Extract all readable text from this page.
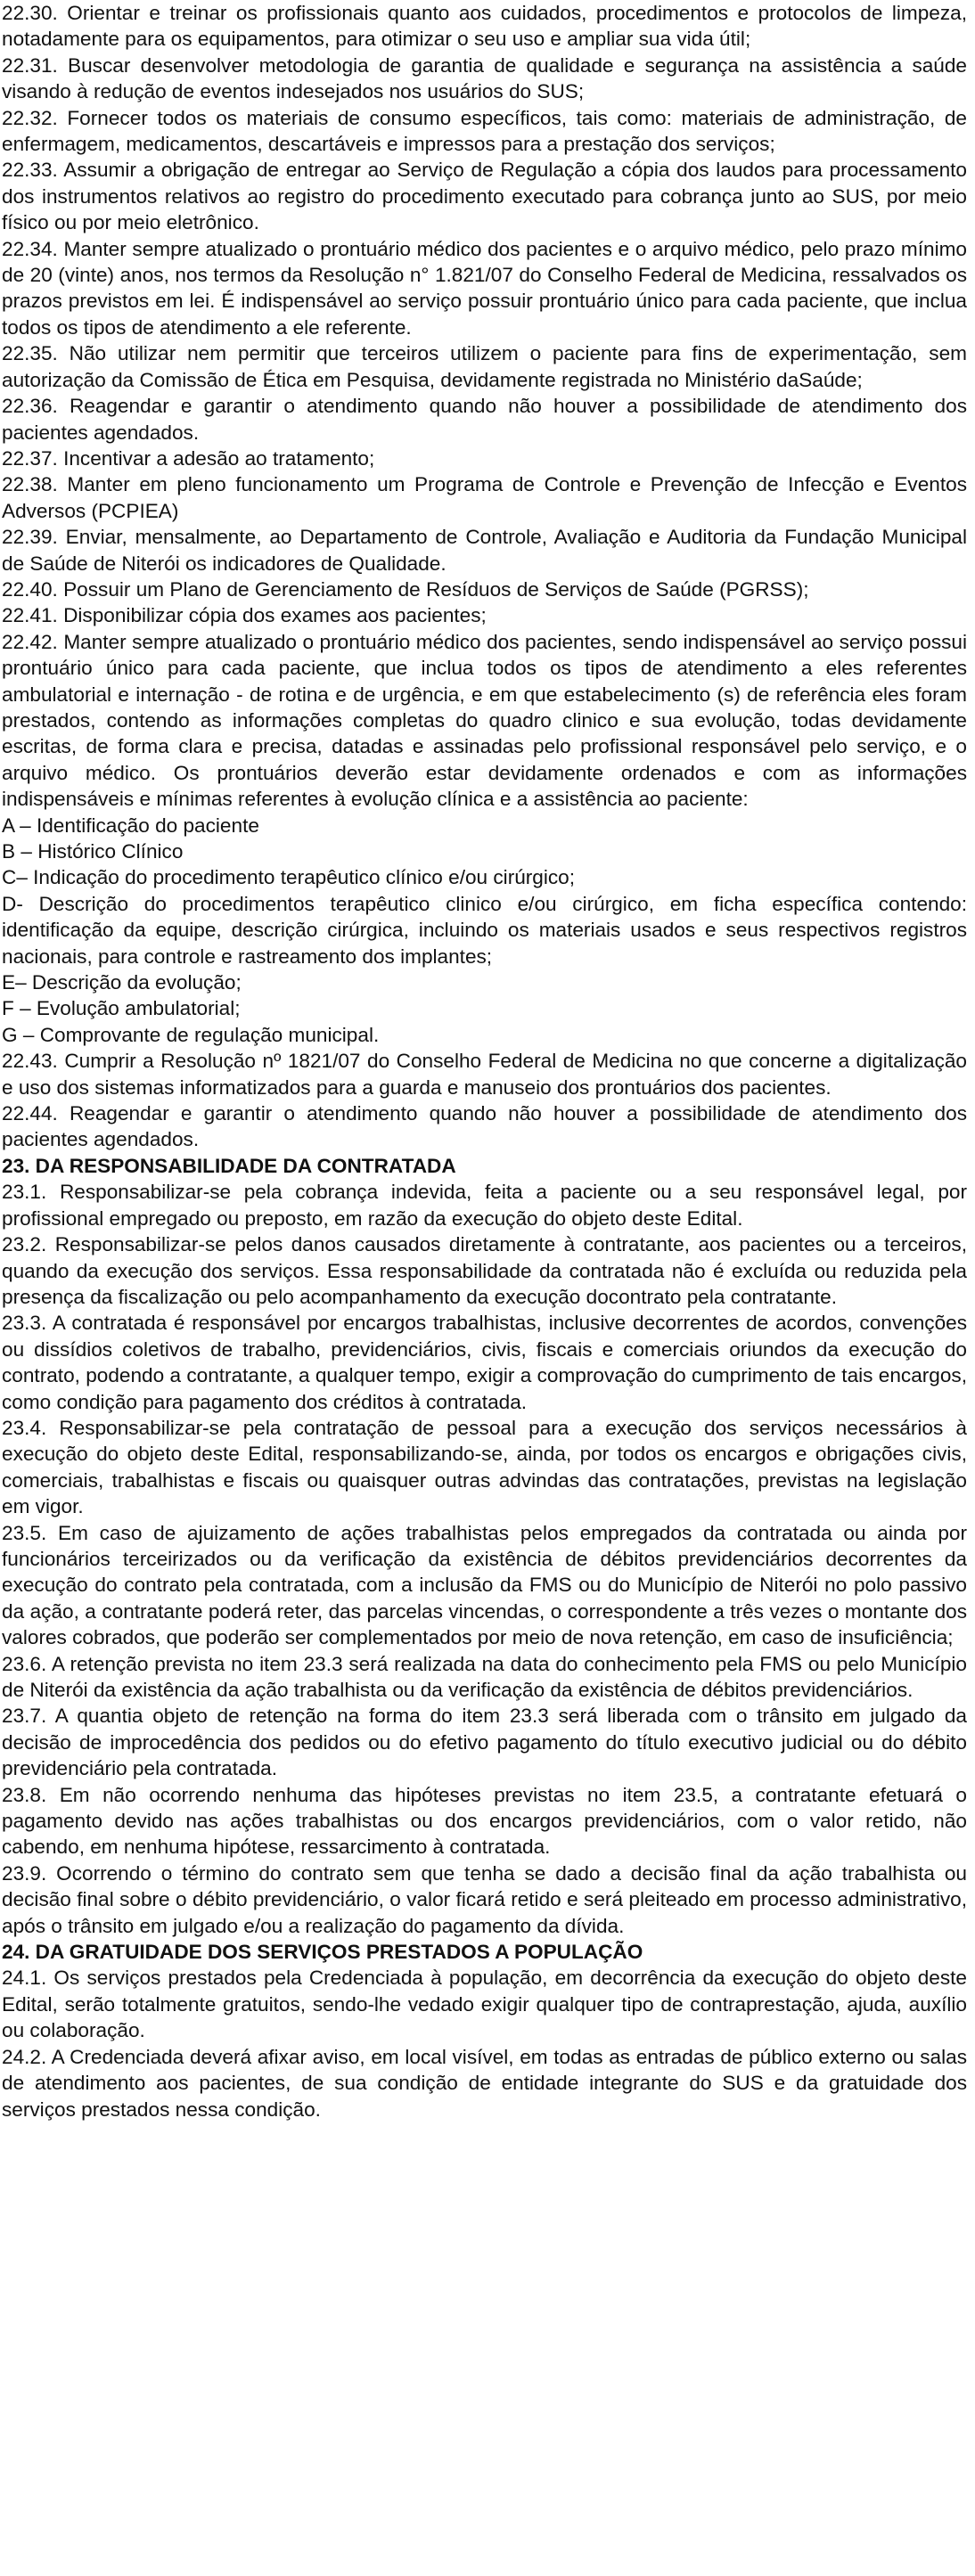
22.30. Orientar e treinar os profissionais quanto aos cuidados, procedimentos e protocolos de limpeza, notadamente para os equipamentos, para otimizar o seu uso e ampliar sua vida útil;

22.31. Buscar desenvolver metodologia de garantia de qualidade e segurança na assistência a saúde visando à redução de eventos indesejados nos usuários do SUS;

22.32. Fornecer todos os materiais de consumo específicos, tais como: materiais de administração, de enfermagem, medicamentos, descartáveis e impressos para a prestação dos serviços;

22.33. Assumir a obrigação de entregar ao Serviço de Regulação a cópia dos laudos para processamento dos instrumentos relativos ao registro do procedimento executado para cobrança junto ao SUS, por meio físico ou por meio eletrônico.

22.34. Manter sempre atualizado o prontuário médico dos pacientes e o arquivo médico, pelo prazo mínimo de 20 (vinte) anos, nos termos da Resolução n° 1.821/07 do Conselho Federal de Medicina, ressalvados os prazos previstos em lei. É indispensável ao serviço possuir prontuário único para cada paciente, que inclua todos os tipos de atendimento a ele referente.

22.35. Não utilizar nem permitir que terceiros utilizem o paciente para fins de experimentação, sem autorização da Comissão de Ética em Pesquisa, devidamente registrada no Ministério daSaúde;

22.36. Reagendar e garantir o atendimento quando não houver a possibilidade de atendimento dos pacientes agendados.

22.37. Incentivar a adesão ao tratamento;

22.38. Manter em pleno funcionamento um Programa de Controle e Prevenção de Infecção e Eventos Adversos (PCPIEA)

22.39. Enviar, mensalmente, ao Departamento de Controle, Avaliação e Auditoria da Fundação Municipal de Saúde de Niterói os indicadores de Qualidade.

22.40. Possuir um Plano de Gerenciamento de Resíduos de Serviços de Saúde (PGRSS);

22.41. Disponibilizar cópia dos exames aos pacientes;

22.42. Manter sempre atualizado o prontuário médico dos pacientes, sendo indispensável ao serviço possui prontuário único para cada paciente, que inclua todos os tipos de atendimento a eles referentes ambulatorial e internação - de rotina e de urgência, e em que estabelecimento (s) de referência eles foram prestados, contendo as informações completas do quadro clinico e sua evolução, todas devidamente escritas, de forma clara e precisa, datadas e assinadas pelo profissional responsável pelo serviço, e o arquivo médico. Os prontuários deverão estar devidamente ordenados e com as informações indispensáveis e mínimas referentes à evolução clínica e a assistência ao paciente:

A – Identificação do paciente

B – Histórico Clínico

C– Indicação do procedimento terapêutico clínico e/ou cirúrgico;

D- Descrição do procedimentos terapêutico clinico e/ou cirúrgico, em ficha específica contendo: identificação da equipe, descrição cirúrgica, incluindo os materiais usados e seus respectivos registros nacionais, para controle e rastreamento dos implantes;

E– Descrição da evolução;

F – Evolução ambulatorial;

G – Comprovante de regulação municipal.

22.43. Cumprir a Resolução nº 1821/07 do Conselho Federal de Medicina no que concerne a digitalização e uso dos sistemas informatizados para a guarda e manuseio dos prontuários dos pacientes.

22.44. Reagendar e garantir o atendimento quando não houver a possibilidade de atendimento dos pacientes agendados.

23. DA RESPONSABILIDADE DA CONTRATADA

23.1. Responsabilizar-se pela cobrança indevida, feita a paciente ou a seu responsável legal, por profissional empregado ou preposto, em razão da execução do objeto deste Edital.

23.2. Responsabilizar-se pelos danos causados diretamente à contratante, aos pacientes ou a terceiros, quando da execução dos serviços. Essa responsabilidade da contratada não é excluída ou reduzida pela presença da fiscalização ou pelo acompanhamento da execução docontrato pela contratante.

23.3. A contratada é responsável por encargos trabalhistas, inclusive decorrentes de acordos, convenções ou dissídios coletivos de trabalho, previdenciários, civis, fiscais e comerciais oriundos da execução do contrato, podendo a contratante, a qualquer tempo, exigir a comprovação do cumprimento de tais encargos, como condição para pagamento dos créditos à contratada.

23.4. Responsabilizar-se pela contratação de pessoal para a execução dos serviços necessários à execução do objeto deste Edital, responsabilizando-se, ainda, por todos os encargos e obrigações civis, comerciais, trabalhistas e fiscais ou quaisquer outras advindas das contratações, previstas na legislação em vigor.

23.5. Em caso de ajuizamento de ações trabalhistas pelos empregados da contratada ou ainda por funcionários terceirizados ou da verificação da existência de débitos previdenciários decorrentes da execução do contrato pela contratada, com a inclusão da FMS ou do Município de Niterói no polo passivo da ação, a contratante poderá reter, das parcelas vincendas, o correspondente a três vezes o montante dos valores cobrados, que poderão ser complementados por meio de nova retenção, em caso de insuficiência;

23.6. A retenção prevista no item 23.3 será realizada na data do conhecimento pela FMS ou pelo Município de Niterói da existência da ação trabalhista ou da verificação da existência de débitos previdenciários.

23.7. A quantia objeto de retenção na forma do item 23.3 será liberada com o trânsito em julgado da decisão de improcedência dos pedidos ou do efetivo pagamento do título executivo judicial ou do débito previdenciário pela contratada.

23.8. Em não ocorrendo nenhuma das hipóteses previstas no item 23.5, a contratante efetuará o pagamento devido nas ações trabalhistas ou dos encargos previdenciários, com o valor retido, não cabendo, em nenhuma hipótese, ressarcimento à contratada.

23.9. Ocorrendo o término do contrato sem que tenha se dado a decisão final da ação trabalhista ou decisão final sobre o débito previdenciário, o valor ficará retido e será pleiteado em processo administrativo, após o trânsito em julgado e/ou a realização do pagamento da dívida.

24. DA GRATUIDADE DOS SERVIÇOS PRESTADOS A POPULAÇÃO

24.1. Os serviços prestados pela Credenciada à população, em decorrência da execução do objeto deste Edital, serão totalmente gratuitos, sendo-lhe vedado exigir qualquer tipo de contraprestação, ajuda, auxílio ou colaboração.

24.2. A Credenciada deverá afixar aviso, em local visível, em todas as entradas de público externo ou salas de atendimento aos pacientes, de sua condição de entidade integrante do SUS e da gratuidade dos serviços prestados nessa condição.
